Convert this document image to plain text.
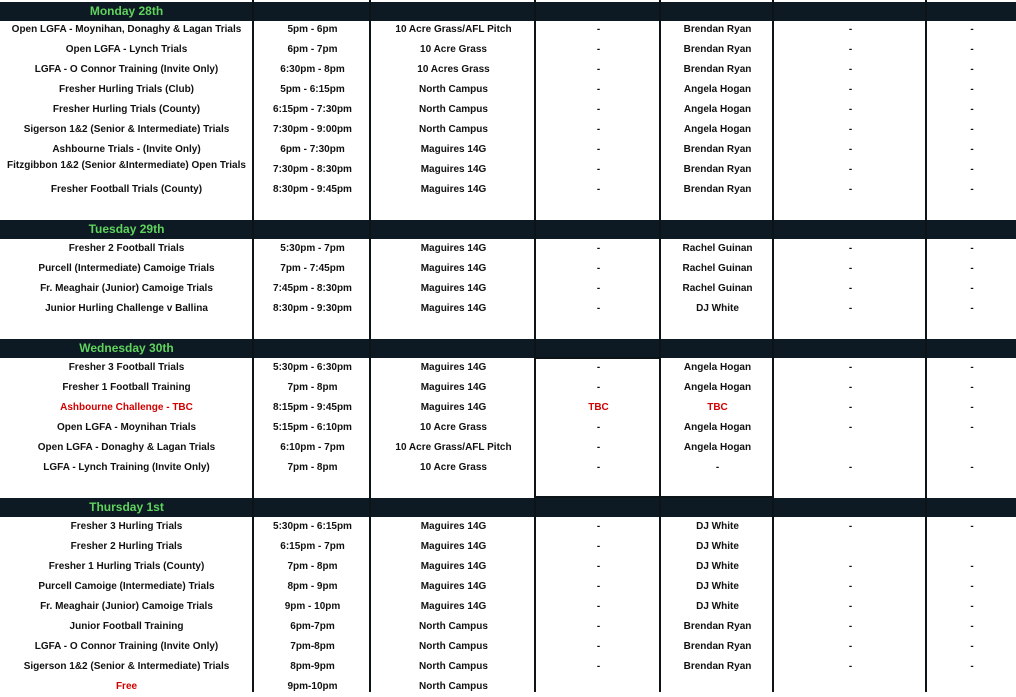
Monday 28th
Open LGFA - Moynihan, Donaghy & Lagan Trials	5pm - 6pm	10 Acre Grass/AFL Pitch	-	Brendan Ryan	-	-
Open LGFA - Lynch Trials	6pm - 7pm	10 Acre Grass	-	Brendan Ryan	-	-
LGFA - O Connor Training (Invite Only)	6:30pm - 8pm	10 Acres Grass	-	Brendan Ryan	-	-
Fresher Hurling Trials (Club)	5pm - 6:15pm	North Campus	-	Angela Hogan	-	-
Fresher Hurling Trials (County)	6:15pm - 7:30pm	North Campus	-	Angela Hogan	-	-
Sigerson 1&2 (Senior & Intermediate) Trials	7:30pm - 9:00pm	North Campus	-	Angela Hogan	-	-
Ashbourne Trials - (Invite Only)	6pm - 7:30pm	Maguires 14G	-	Brendan Ryan	-	-
Fitzgibbon 1&2 (Senior &Intermediate) Open Trials	7:30pm - 8:30pm	Maguires 14G	-	Brendan Ryan	-	-
Fresher Football Trials (County)	8:30pm - 9:45pm	Maguires 14G	-	Brendan Ryan	-	-
Tuesday 29th
Fresher 2 Football Trials	5:30pm - 7pm	Maguires 14G	-	Rachel Guinan	-	-
Purcell (Intermediate) Camoige Trials	7pm - 7:45pm	Maguires 14G	-	Rachel Guinan	-	-
Fr. Meaghair (Junior) Camoige Trials	7:45pm - 8:30pm	Maguires 14G	-	Rachel Guinan	-	-
Junior Hurling Challenge v Ballina	8:30pm - 9:30pm	Maguires 14G	-	DJ White	-	-
Wednesday 30th
Fresher 3 Football Trials	5:30pm - 6:30pm	Maguires 14G	-	Angela Hogan	-	-
Fresher 1 Football Training	7pm - 8pm	Maguires 14G	-	Angela Hogan	-	-
Ashbourne Challenge - TBC	8:15pm - 9:45pm	Maguires 14G	TBC	TBC	-	-
Open LGFA - Moynihan Trials	5:15pm - 6:10pm	10 Acre Grass	-	Angela Hogan	-	-
Open LGFA - Donaghy & Lagan Trials	6:10pm - 7pm	10 Acre Grass/AFL Pitch	-	Angela Hogan
LGFA - Lynch Training (Invite Only)	7pm - 8pm	10 Acre Grass	-	-	-	-
Thursday 1st
Fresher 3 Hurling Trials	5:30pm - 6:15pm	Maguires 14G	-	DJ White	-	-
Fresher 2 Hurling Trials	6:15pm - 7pm	Maguires 14G	-	DJ White
Fresher 1 Hurling Trials (County)	7pm - 8pm	Maguires 14G	-	DJ White	-	-
Purcell Camoige (Intermediate) Trials	8pm - 9pm	Maguires 14G	-	DJ White	-	-
Fr. Meaghair (Junior) Camoige Trials	9pm - 10pm	Maguires 14G	-	DJ White	-	-
Junior Football Training	6pm-7pm	North Campus	-	Brendan Ryan	-	-
LGFA - O Connor Training (Invite Only)	7pm-8pm	North Campus	-	Brendan Ryan	-	-
Sigerson 1&2 (Senior & Intermediate) Trials	8pm-9pm	North Campus	-	Brendan Ryan	-	-
Free	9pm-10pm	North Campus
